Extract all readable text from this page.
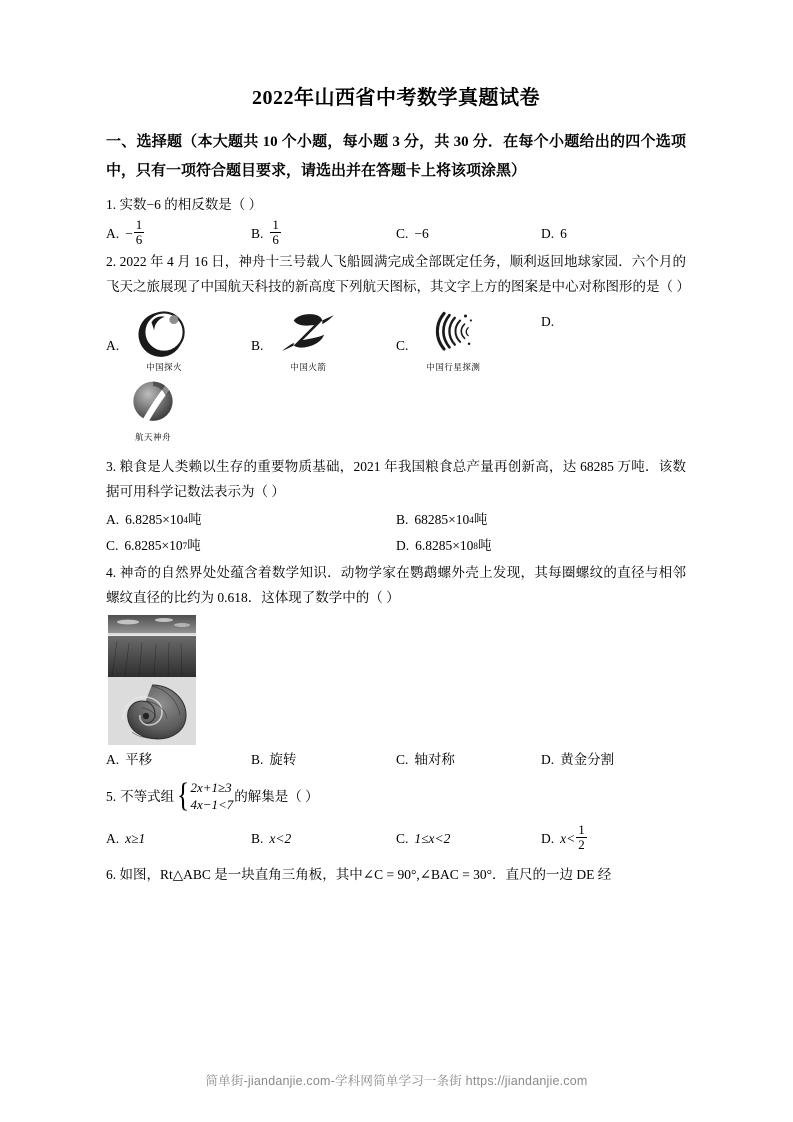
2022年山西省中考数学真题试卷

一、选择题（本大题共 10 个小题，每小题 3 分，共 30 分．在每个小题给出的四个选项中，只有一项符合题目要求，请选出并在答题卡上将该项涂黑）

1. 实数−6 的相反数是（ ）
A. − $\frac{1}{6}$	B. $\frac{1}{6}$	C. −6	D. 6
2. 2022 年 4 月 16 日，神舟十三号载人飞船圆满完成全部既定任务，顺利返回地球家园．六个月的飞天之旅展现了中国航天科技的新高度下列航天图标，其文字上方的图案是中心对称图形的是（ ）
A.
中国探火
B.
中国火箭
C.
中国行星探测
D.
航天神舟
3. 粮食是人类赖以生存的重要物质基础，2021 年我国粮食总产量再创新高，达 68285 万吨．该数据可用科学记数法表示为（ ）
A. 6.8285×10 4 吨	B. 68285×10 4 吨
C. 6.8285×10 7 吨	D. 6.8285×10 8 吨
4. 神奇的自然界处处蕴含着数学知识．动物学家在鹦鹉螺外壳上发现，其每圈螺纹的直径与相邻螺纹直径的比约为 0.618．这体现了数学中的（ ）
A. 平移	B. 旋转	C. 轴对称	D. 黄金分割
5. 不等式组 { 2x+1≥3
4x−1<7
的解集是（ ）
A. x≥1	B. x<2	C. 1≤x<2	D. $x< \frac{1}{2}$
6. 如图，Rt△ABC 是一块直角三角板，其中∠C = 90°,∠BAC = 30°．直尺的一边 DE 经
简单街-jiandanjie.com-学科网简单学习一条街 https://jiandanjie.com
